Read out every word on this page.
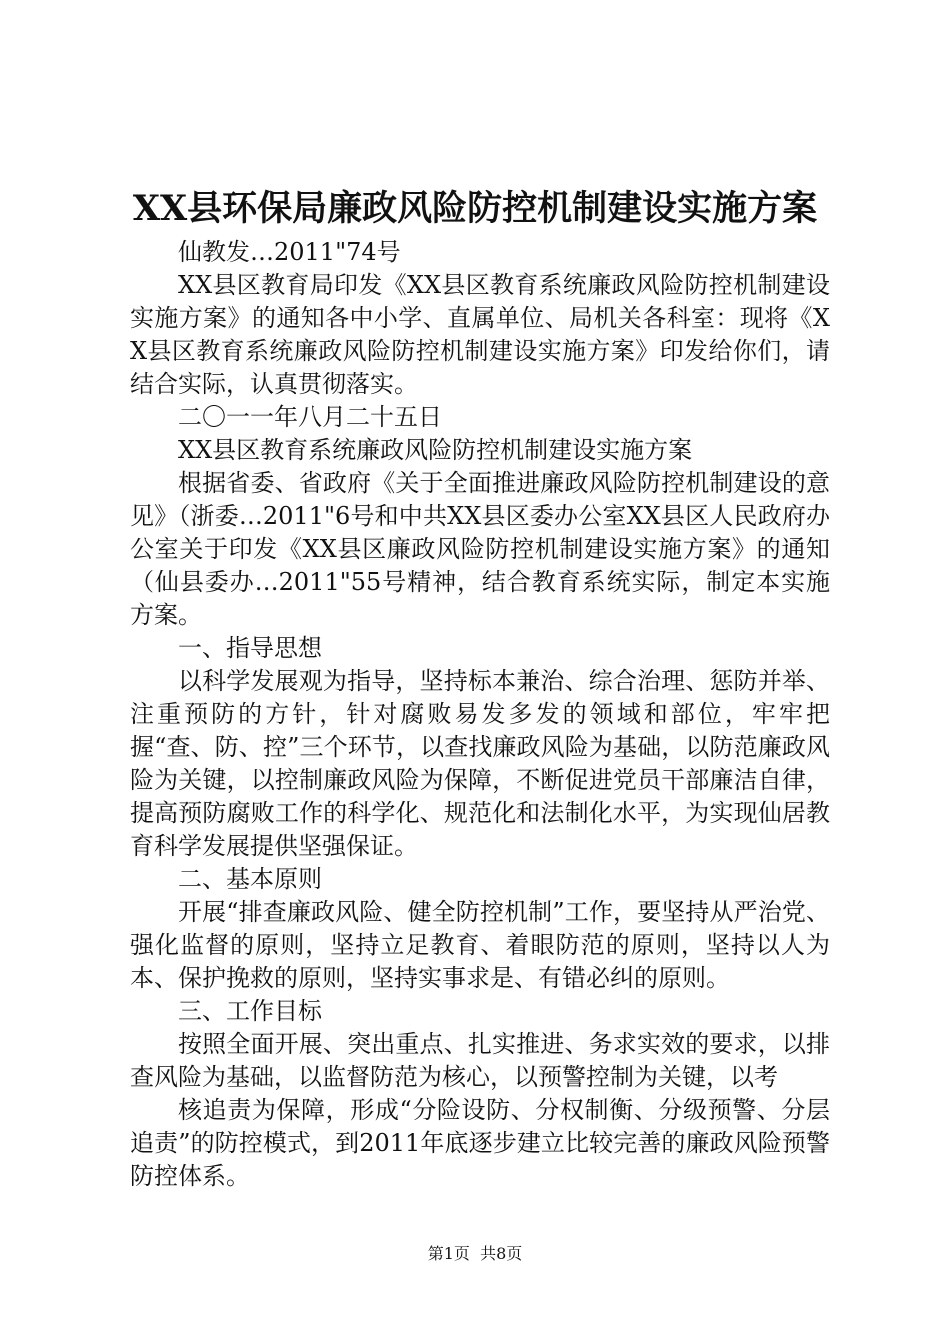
XX县环保局廉政风险防控机制建设实施方案

仙教发…2011"74号

XX县区教育局印发《XX县区教育系统廉政风险防控机制建设实施方案》的通知各中小学、直属单位、局机关各科室：现将《XX县区教育系统廉政风险防控机制建设实施方案》印发给你们，请结合实际，认真贯彻落实。

二〇一一年八月二十五日

XX县区教育系统廉政风险防控机制建设实施方案

根据省委、省政府《关于全面推进廉政风险防控机制建设的意见》（浙委…2011"6号和中共XX县区委办公室XX县区人民政府办公室关于印发《XX县区廉政风险防控机制建设实施方案》的通知（仙县委办…2011"55号精神，结合教育系统实际，制定本实施方案。

一、指导思想

以科学发展观为指导，坚持标本兼治、综合治理、惩防并举、注重预防的方针，针对腐败易发多发的领域和部位，牢牢把握“查、防、控”三个环节，以查找廉政风险为基础，以防范廉政风险为关键，以控制廉政风险为保障，不断促进党员干部廉洁自律，提高预防腐败工作的科学化、规范化和法制化水平，为实现仙居教育科学发展提供坚强保证。

二、基本原则

开展“排查廉政风险、健全防控机制”工作，要坚持从严治党、强化监督的原则，坚持立足教育、着眼防范的原则，坚持以人为本、保护挽救的原则，坚持实事求是、有错必纠的原则。

三、工作目标

按照全面开展、突出重点、扎实推进、务求实效的要求，以排查风险为基础，以监督防范为核心，以预警控制为关键，以考

核追责为保障，形成“分险设防、分权制衡、分级预警、分层追责”的防控模式，到2011年底逐步建立比较完善的廉政风险预警防控体系。

第1页  共8页
